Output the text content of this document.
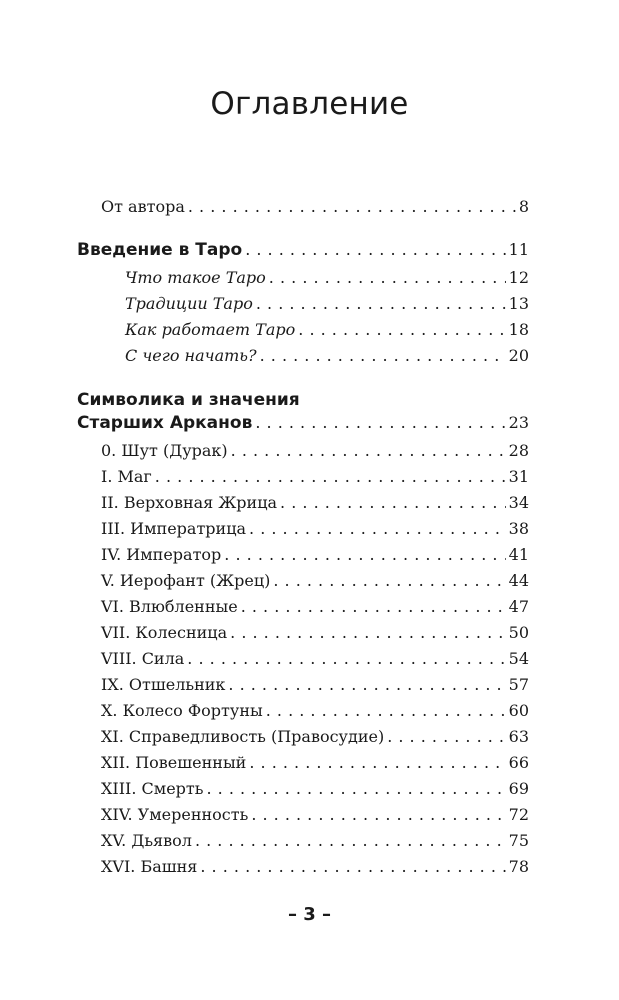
Оглавление
От автора . . .	8
Введение в Таро . . .	11
Что такое Таро . . .	12
Традиции Таро . . .	13
Как работает Таро . . .	18
С чего начать? . . .	20
Символика и значения
Старших Арканов . . .	23
0. Шут (Дурак) . . .	28
I. Маг . . .	31
II. Верховная Жрица . . .	34
III. Императрица . . .	38
IV. Император . . .	41
V. Иерофант (Жрец) . . .	44
VI. Влюбленные . . .	47
VII. Колесница . . .	50
VIII. Сила . . .	54
IX. Отшельник . . .	57
X. Колесо Фортуны . . .	60
XI. Справедливость (Правосудие) . . .	63
XII. Повешенный . . .	66
XIII. Смерть . . .	69
XIV. Умеренность . . .	72
XV. Дьявол . . .	75
XVI. Башня . . .	78
– 3 –
